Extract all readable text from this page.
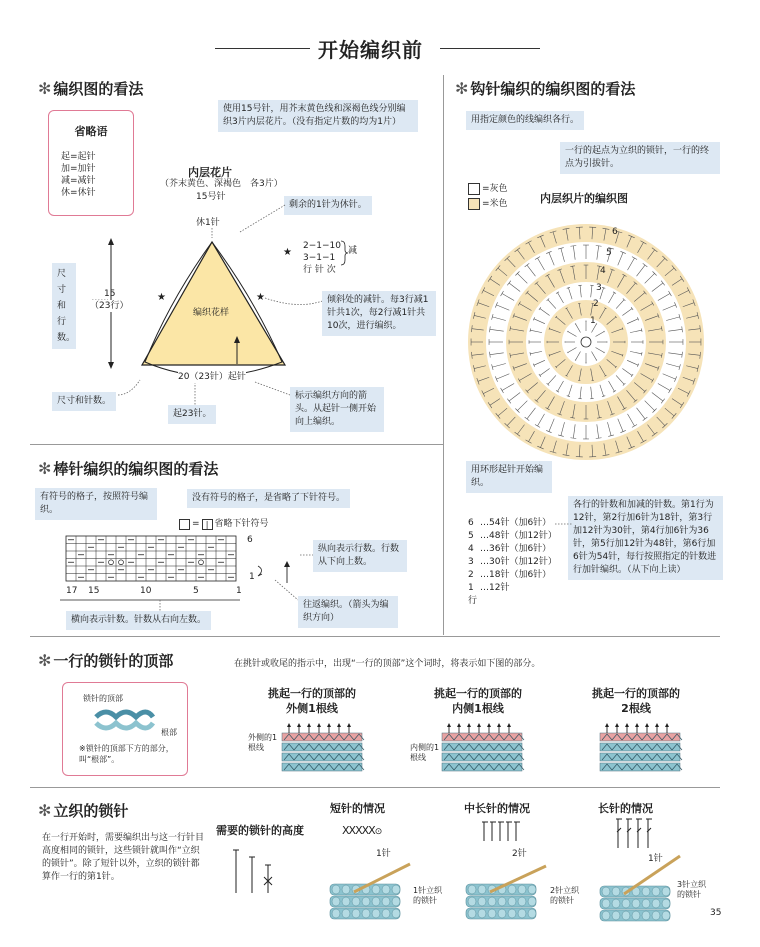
开始编织前
✻ 编织图的看法
省略语
起=起针
加=加针
减=减针
休=休针
使用15号针，用芥末黄色线和深褐色线分别编织3片内层花片。（没有指定片数的均为1片）
内层花片
（芥末黄色、深褐色　各3片）
15号针
休1针
剩余的1针为休针。
★	★
编织花样
★
2−1−10
3−1−1
行 针 次
减
倾斜处的减针。每3行减1针共1次，每2行减1针共10次，进行编织。
尺寸和行数。
15
（23行）
20（23针）起针
尺寸和针数。
起23针。
标示编织方向的箭头。从起针一侧开始向上编织。
✻ 钩针编织的编织图的看法
用指定颜色的线编织各行。
一行的起点为立织的锁针，一行的终点为引拔针。
=灰色
=米色	内层织片的编织图
6
5
4
3
2
1
用环形起针开始编织。
各行的针数和加减的针数。第1行为12针，第2行加6针为18针，第3行加12针为30针，第4行加6针为36针，第5行加12针为48针，第6行加6针为54针，每行按照指定的针数进行加针编织。（从下向上读）
6 …54针（加6针）
5 …48针（加12针）
4 …36针（加6针）
3 …30针（加12针）
2 …18针（加6针）
1 …12针
行
✻ 棒针编织的编织图的看法
有符号的格子，按照符号编织。
没有符号的格子，是省略了下针符号。
= | 省略下针符号
6
1
17 15	10	5	1
纵向表示行数。行数从下向上数。
往返编织。（箭头为编织方向）
横向表示针数。针数从右向左数。
✻ 一行的锁针的顶部	在挑针或收尾的指示中，出现“一行的顶部”这个词时，将表示如下图的部分。
锁针的顶部
根部
※锁针的顶部下方的部分，叫“根部”。
挑起一行的顶部的
外侧1根线
挑起一行的顶部的
内侧1根线
挑起一行的顶部的
2根线
外侧的1根线	内侧的1根线
✻ 立织的锁针
在一行开始时，需要编织出与这一行针目高度相同的锁针，这些锁针就叫作“立织的锁针”。除了短针以外，立织的锁针都算作一行的第1针。
需要的锁针的高度
短针的情况	中长针的情况	长针的情况
XXXXX⊙
1针	2针	1针
1针立织的锁针
2针立织的锁针
3针立织的锁针
35
